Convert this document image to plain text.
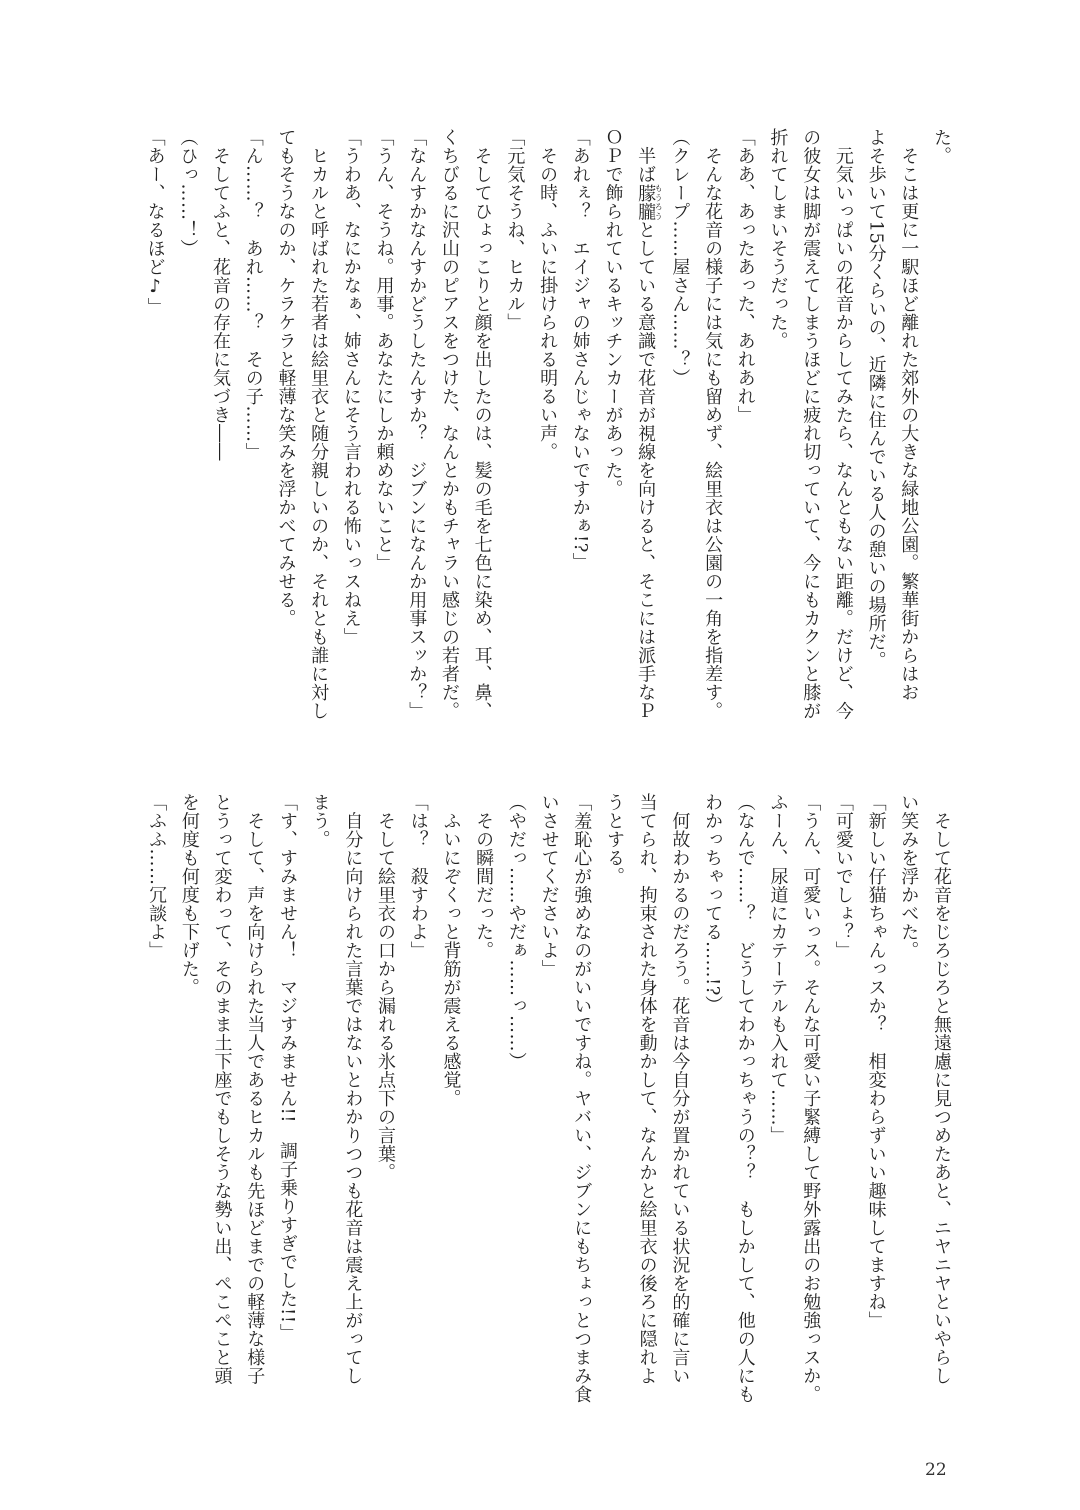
た。

　そこは更に一駅ほど離れた郊外の大きな緑地公園。繁華街からはお

よそ歩いて15分くらいの、近隣に住んでいる人の憩いの場所だ。

　元気いっぱいの花音からしてみたら、なんともない距離。だけど、今

の彼女は脚が震えてしまうほどに疲れ切っていて、今にもカクンと膝が

折れてしまいそうだった。

「ああ、あったあった、あれあれ」

　そんな花音の様子には気にも留めず、絵里衣は公園の一角を指差す。

（クレープ……屋さん……？）

　半ば朦朧もうろうとしている意識で花音が視線を向けると、そこには派手なＰ

ＯＰで飾られているキッチンカーがあった。

「あれぇ？　エイジャの姉さんじゃないですかぁ!?」

　その時、ふいに掛けられる明るい声。

「元気そうね、ヒカル」

　そしてひょっこりと顔を出したのは、髪の毛を七色に染め、耳、鼻、

くちびるに沢山のピアスをつけた、なんとかもチャラい感じの若者だ。

「なんすかなんすかどうしたんすか？　ジブンになんか用事スッか？」

「うん、そうね。用事。あなたにしか頼めないこと」

「うわあ、なにかなぁ、姉さんにそう言われる怖いっスねえ」

　ヒカルと呼ばれた若者は絵里衣と随分親しいのか、それとも誰に対し

てもそうなのか、ケラケラと軽薄な笑みを浮かべてみせる。

「ん……？　あれ……？　その子……」

　そしてふと、花音の存在に気づき――

（ひっ……！）

「あー、なるほど♪」

　そして花音をじろじろと無遠慮に見つめたあと、ニヤニヤといやらし

い笑みを浮かべた。

「新しい仔猫ちゃんっスか？　相変わらずいい趣味してますね」

「可愛いでしょ？」

「うん、可愛いっス。そんな可愛い子緊縛して野外露出のお勉強っスか。

ふーん、尿道にカテーテルも入れて……」

（なんで……？　どうしてわかっちゃうの？？　もしかして、他の人にも

わかっちゃってる……!?）

　何故わかるのだろう。花音は今自分が置かれている状況を的確に言い

当てられ、拘束された身体を動かして、なんかと絵里衣の後ろに隠れよ

うとする。

「羞恥心が強めなのがいいですね。ヤバい、ジブンにもちょっとつまみ食

いさせてくださいよ」

（やだっ……やだぁ……っ……）

　その瞬間だった。

　ふいにぞくっと背筋が震える感覚。

「は？　殺すわよ」

　そして絵里衣の口から漏れる氷点下の言葉。

　自分に向けられた言葉ではないとわかりつつも花音は震え上がってし

まう。

「す、すみません！　マジすみません!!　調子乗りすぎでした!!」

　そして、声を向けられた当人であるヒカルも先ほどまでの軽薄な様子

とうって変わって、そのまま土下座でもしそうな勢い出、ぺこぺこと頭

を何度も何度も下げた。

「ふふ……冗談よ」

22
